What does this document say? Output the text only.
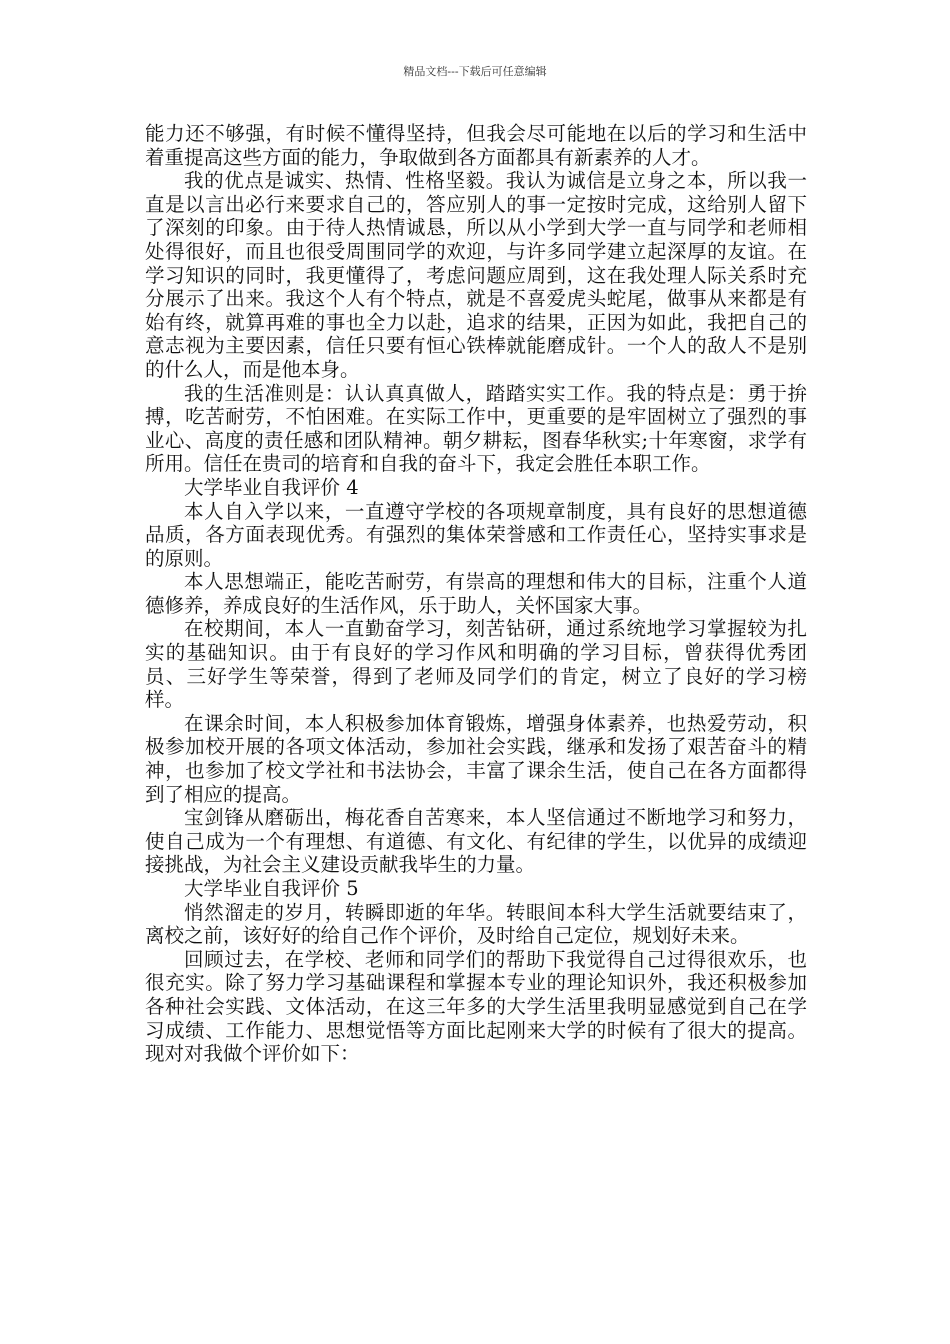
精品文档---下载后可任意编辑

能力还不够强，有时候不懂得坚持，但我会尽可能地在以后的学习和生活中着重提高这些方面的能力，争取做到各方面都具有新素养的人才。

我的优点是诚实、热情、性格坚毅。我认为诚信是立身之本，所以我一直是以言出必行来要求自己的，答应别人的事一定按时完成，这给别人留下了深刻的印象。由于待人热情诚恳，所以从小学到大学一直与同学和老师相处得很好，而且也很受周围同学的欢迎，与许多同学建立起深厚的友谊。在学习知识的同时，我更懂得了，考虑问题应周到，这在我处理人际关系时充分展示了出来。我这个人有个特点，就是不喜爱虎头蛇尾，做事从来都是有始有终，就算再难的事也全力以赴，追求的结果，正因为如此，我把自己的意志视为主要因素，信任只要有恒心铁棒就能磨成针。一个人的敌人不是别的什么人，而是他本身。

我的生活准则是：认认真真做人，踏踏实实工作。我的特点是：勇于拚搏，吃苦耐劳，不怕困难。在实际工作中，更重要的是牢固树立了强烈的事业心、高度的责任感和团队精神。朝夕耕耘，图春华秋实;十年寒窗，求学有所用。信任在贵司的培育和自我的奋斗下，我定会胜任本职工作。

大学毕业自我评价 4

本人自入学以来，一直遵守学校的各项规章制度，具有良好的思想道德品质，各方面表现优秀。有强烈的集体荣誉感和工作责任心，坚持实事求是的原则。

本人思想端正，能吃苦耐劳，有崇高的理想和伟大的目标，注重个人道德修养，养成良好的生活作风，乐于助人，关怀国家大事。

在校期间，本人一直勤奋学习，刻苦钻研，通过系统地学习掌握较为扎实的基础知识。由于有良好的学习作风和明确的学习目标，曾获得优秀团员、三好学生等荣誉，得到了老师及同学们的肯定，树立了良好的学习榜样。

在课余时间，本人积极参加体育锻炼，增强身体素养，也热爱劳动，积极参加校开展的各项文体活动，参加社会实践，继承和发扬了艰苦奋斗的精神，也参加了校文学社和书法协会，丰富了课余生活，使自己在各方面都得到了相应的提高。

宝剑锋从磨砺出，梅花香自苦寒来，本人坚信通过不断地学习和努力，使自己成为一个有理想、有道德、有文化、有纪律的学生，以优异的成绩迎接挑战，为社会主义建设贡献我毕生的力量。

大学毕业自我评价 5

悄然溜走的岁月，转瞬即逝的年华。转眼间本科大学生活就要结束了，离校之前，该好好的给自己作个评价，及时给自己定位，规划好未来。

回顾过去，在学校、老师和同学们的帮助下我觉得自己过得很欢乐，也很充实。除了努力学习基础课程和掌握本专业的理论知识外，我还积极参加各种社会实践、文体活动，在这三年多的大学生活里我明显感觉到自己在学习成绩、工作能力、思想觉悟等方面比起刚来大学的时候有了很大的提高。现对对我做个评价如下：
